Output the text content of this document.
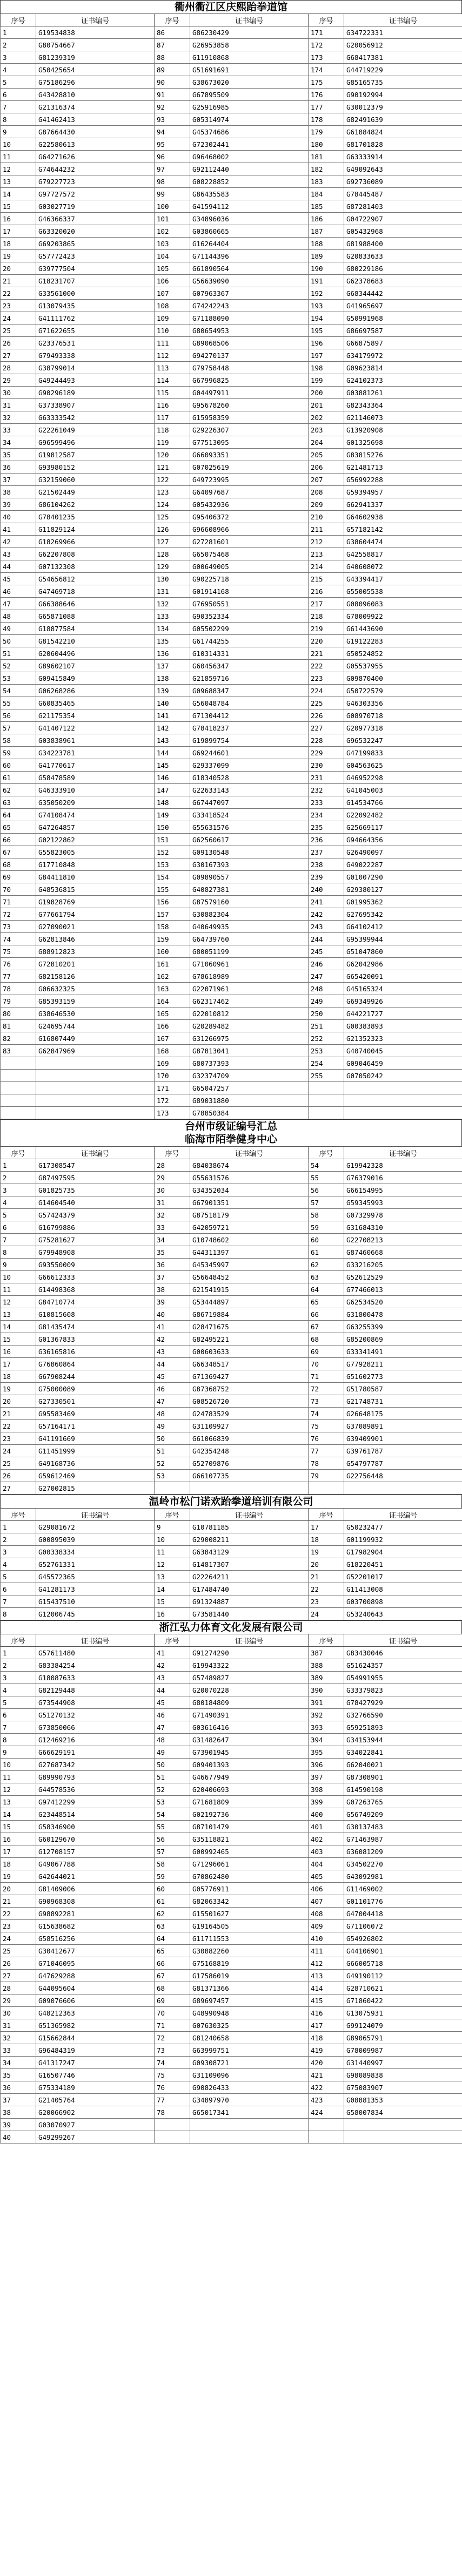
衢州衢江区庆熙跆拳道馆
序号	证书编号	序号	证书编号	序号	证书编号
1	G19534838	86	G86230429	171	G34722331
2	G80754667	87	G26953858	172	G20056912
3	G81239319	88	G11910868	173	G68417381
4	G50425654	89	G51691691	174	G44719229
5	G75186296	90	G38673020	175	G85165735
6	G43428810	91	G67895509	176	G90192994
7	G21316374	92	G25916985	177	G30012379
8	G41462413	93	G05314974	178	G82491639
9	G87664430	94	G45374686	179	G61884824
10	G22580613	95	G72302441	180	G81701828
11	G64271626	96	G96468002	181	G63333914
12	G74644232	97	G92112440	182	G49092643
13	G79227723	98	G08228852	183	G92736089
14	G97727572	99	G86435583	184	G78445487
15	G03027719	100	G41594112	185	G87281403
16	G46366337	101	G34896036	186	G04722907
17	G63320020	102	G03860665	187	G05432968
18	G69203865	103	G16264404	188	G81988400
19	G57772423	104	G71144396	189	G20833633
20	G39777504	105	G61890564	190	G80229186
21	G18231707	106	G56639090	191	G62378683
22	G33561000	107	G07963367	192	G68344442
23	G13079435	108	G74242243	193	G41965697
24	G41111762	109	G71188090	194	G50991968
25	G71622655	110	G80654953	195	G86697587
26	G23376531	111	G89068506	196	G66875897
27	G79493338	112	G94270137	197	G34179972
28	G38799014	113	G79758448	198	G09623814
29	G49244493	114	G67996825	199	G24102373
30	G90296189	115	G04497911	200	G03881261
31	G37338907	116	G95678260	201	G82343364
32	G63333542	117	G15958359	202	G21146073
33	G22261049	118	G29226307	203	G13920908
34	G96599496	119	G77513095	204	G01325698
35	G19812587	120	G66093351	205	G83815276
36	G93980152	121	G07025619	206	G21481713
37	G32159060	122	G49723995	207	G56992288
38	G21502449	123	G64097687	208	G59394957
39	G86104262	124	G05432936	209	G62941337
40	G78401235	125	G95406372	210	G64602938
41	G11829124	126	G96608966	211	G57182142
42	G18269966	127	G27281601	212	G38604474
43	G62207808	128	G65075468	213	G42558817
44	G07132308	129	G00649005	214	G40608072
45	G54656812	130	G90225718	215	G43394417
46	G47469718	131	G01914168	216	G55005538
47	G66388646	132	G76950551	217	G08096083
48	G65871088	133	G90352334	218	G78009922
49	G18877584	134	G05502299	219	G61443690
50	G81542210	135	G61744255	220	G19122283
51	G20604496	136	G10314331	221	G50524852
52	G89602107	137	G60456347	222	G05537955
53	G09415849	138	G21859716	223	G09870400
54	G06268286	139	G09688347	224	G50722579
55	G60835465	140	G56048784	225	G46303356
56	G21175354	141	G71304412	226	G08970718
57	G41407122	142	G78418237	227	G20977318
58	G03838961	143	G19899754	228	G96532247
59	G34223781	144	G69244601	229	G47199833
60	G41770617	145	G29337099	230	G04563625
61	G58478589	146	G18340528	231	G46952298
62	G46333910	147	G22633143	232	G41045003
63	G35050209	148	G67447097	233	G14534766
64	G74108474	149	G33418524	234	G22092482
65	G47264857	150	G55631576	235	G25669117
66	G02122862	151	G62560617	236	G94664356
67	G55823005	152	G09130548	237	G26490097
68	G17710848	153	G30167393	238	G49022287
69	G84411810	154	G09890557	239	G01007290
70	G48536815	155	G40827381	240	G29380127
71	G19828769	156	G87579160	241	G01995362
72	G77661794	157	G30882304	242	G27695342
73	G27090021	158	G40649935	243	G64102412
74	G62813846	159	G64739760	244	G95399944
75	G88912823	160	G80051199	245	G51047860
76	G72810201	161	G71060961	246	G62042986
77	G82158126	162	G78618989	247	G65420091
78	G06632325	163	G22071961	248	G45165324
79	G85393159	164	G62317462	249	G69349926
80	G38646530	165	G22010812	250	G44221727
81	G24695744	166	G20289482	251	G00383893
82	G16807449	167	G31266975	252	G21352323
83	G62847969	168	G87813041	253	G40740045
		169	G80737393	254	G09046459
		170	G32374709	255	G07050242
		171	G65047257		
		172	G89031880		
		173	G78850384		
台州市级证编号汇总
临海市陌拳健身中心
序号	证书编号	序号	证书编号	序号	证书编号
1	G17308547	28	G84038674	54	G19942328
2	G87497595	29	G55631576	55	G76379016
3	G01825735	30	G34352034	56	G66154995
4	G14604540	31	G67901351	57	G59345993
5	G57424379	32	G87518179	58	G07329978
6	G16799886	33	G42059721	59	G31684310
7	G75281627	34	G10748602	60	G22708213
8	G79948908	35	G44311397	61	G87460668
9	G93550009	36	G45345997	62	G33216205
10	G66612333	37	G56648452	63	G52612529
11	G14498368	38	G21541915	64	G77466013
12	G84710774	39	G53444897	65	G62534520
13	G10815608	40	G86719884	66	G31800478
14	G81435474	41	G28471675	67	G63255399
15	G01367833	42	G82495221	68	G85200869
16	G36165816	43	G00603633	69	G33341491
17	G76860864	44	G66348517	70	G77928211
18	G67908244	45	G71369427	71	G51602773
19	G75000089	46	G87368752	72	G51780587
20	G27330501	47	G08526720	73	G21748731
21	G95583469	48	G24783529	74	G26648175
22	G57164171	49	G31109927	75	G37089891
23	G41191669	50	G61066839	76	G39409901
24	G11451999	51	G42354248	77	G39761787
25	G49168736	52	G52709876	78	G54797787
26	G59612469	53	G66107735	79	G22756448
27	G27002815				
温岭市松门诺欢跆拳道培训有限公司
序号	证书编号	序号	证书编号	序号	证书编号
1	G29081672	9	G10781185	17	G50232477
2	G00895039	10	G29008211	18	G01199932
3	G00338334	11	G63843129	19	G17982904
4	G52761331	12	G14817307	20	G18220451
5	G45572365	13	G22264211	21	G52201017
6	G41281173	14	G17484740	22	G11413008
7	G15437510	15	G91324887	23	G03700898
8	G12006745	16	G73581440	24	G53240643
浙江弘力体育文化发展有限公司
序号	证书编号	序号	证书编号	序号	证书编号
1	G57611480	41	G91274290	387	G83430046
2	G83384254	42	G19943322	388	G51624357
3	G18087633	43	G57489827	389	G54991955
4	G82129448	44	G20070228	390	G33379823
5	G73544908	45	G80184809	391	G78427929
6	G51270132	46	G71490391	392	G32766590
7	G73850066	47	G03616416	393	G59251893
8	G12469216	48	G31482647	394	G34153944
9	G66629191	49	G73901945	395	G34022841
10	G27687342	50	G09401393	396	G62040021
11	G89990793	51	G46677949	397	G87308901
12	G44578536	52	G20406693	398	G14590198
13	G97412299	53	G71681809	399	G07263765
14	G23448514	54	G02192736	400	G56749209
15	G58346900	55	G87101479	401	G30137483
16	G60129670	56	G35118821	402	G71463987
17	G12708157	57	G00992465	403	G36081209
18	G49067788	58	G71296061	404	G34502270
19	G42644021	59	G70862480	405	G43092981
20	G81409006	60	G05776911	406	G11469002
21	G90968308	61	G82063342	407	G01101776
22	G98892281	62	G15501627	408	G47004418
23	G15638682	63	G19164505	409	G71106072
24	G58516256	64	G11711553	410	G54926802
25	G30412677	65	G30882260	411	G44106901
26	G71046095	66	G75168819	412	G66005718
27	G47629288	67	G17586019	413	G49190112
28	G44095604	68	G81371366	414	G28710621
29	G09076606	69	G89697457	415	G71860422
30	G48212363	70	G48990948	416	G13075931
31	G51365982	71	G07630325	417	G99124079
32	G15662844	72	G81240658	418	G89065791
33	G96484319	73	G63999751	419	G78009987
34	G41317247	74	G09308721	420	G31440997
35	G16507746	75	G31109096	421	G98089838
36	G75334189	76	G90826433	422	G75083907
37	G21405764	77	G34897970	423	G08881353
38	G20066902	78	G65017341	424	G58007834
39	G03070927				
40	G49299267				
